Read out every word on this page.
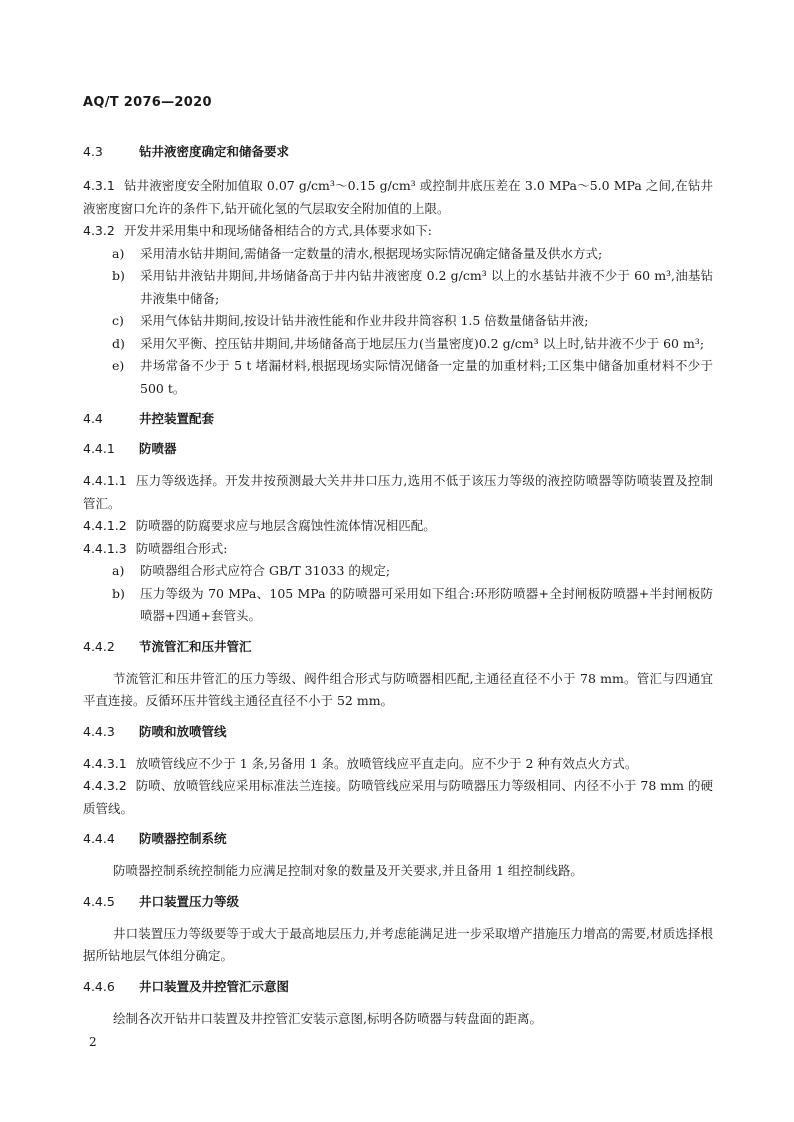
AQ/T 2076—2020
4.3	钻井液密度确定和储备要求
4.3.1 钻井液密度安全附加值取 0.07 g/cm³～0.15 g/cm³ 或控制井底压差在 3.0 MPa～5.0 MPa 之间,在钻井液密度窗口允许的条件下,钻开硫化氢的气层取安全附加值的上限。
4.3.2 开发井采用集中和现场储备相结合的方式,具体要求如下:
a)	采用清水钻井期间,需储备一定数量的清水,根据现场实际情况确定储备量及供水方式;
b)	采用钻井液钻井期间,井场储备高于井内钻井液密度 0.2 g/cm³ 以上的水基钻井液不少于 60 m³,油基钻井液集中储备;
c)	采用气体钻井期间,按设计钻井液性能和作业井段井筒容积 1.5 倍数量储备钻井液;
d)	采用欠平衡、控压钻井期间,井场储备高于地层压力(当量密度)0.2 g/cm³ 以上时,钻井液不少于 60 m³;
e)	井场常备不少于 5 t 堵漏材料,根据现场实际情况储备一定量的加重材料;工区集中储备加重材料不少于 500 t。
4.4	井控装置配套
4.4.1 防喷器
4.4.1.1 压力等级选择。开发井按预测最大关井井口压力,选用不低于该压力等级的液控防喷器等防喷装置及控制管汇。
4.4.1.2 防喷器的防腐要求应与地层含腐蚀性流体情况相匹配。
4.4.1.3 防喷器组合形式:
a)	防喷器组合形式应符合 GB/T 31033 的规定;
b)	压力等级为 70 MPa、105 MPa 的防喷器可采用如下组合:环形防喷器+全封闸板防喷器+半封闸板防喷器+四通+套管头。
4.4.2 节流管汇和压井管汇
节流管汇和压井管汇的压力等级、阀件组合形式与防喷器相匹配,主通径直径不小于 78 mm。管汇与四通宜平直连接。反循环压井管线主通径直径不小于 52 mm。
4.4.3 防喷和放喷管线
4.4.3.1 放喷管线应不少于 1 条,另备用 1 条。放喷管线应平直走向。应不少于 2 种有效点火方式。
4.4.3.2 防喷、放喷管线应采用标准法兰连接。防喷管线应采用与防喷器压力等级相同、内径不小于 78 mm 的硬质管线。
4.4.4 防喷器控制系统
防喷器控制系统控制能力应满足控制对象的数量及开关要求,并且备用 1 组控制线路。
4.4.5 井口装置压力等级
井口装置压力等级要等于或大于最高地层压力,并考虑能满足进一步采取增产措施压力增高的需要,材质选择根据所钻地层气体组分确定。
4.4.6 井口装置及井控管汇示意图
绘制各次开钻井口装置及井控管汇安装示意图,标明各防喷器与转盘面的距离。
2
